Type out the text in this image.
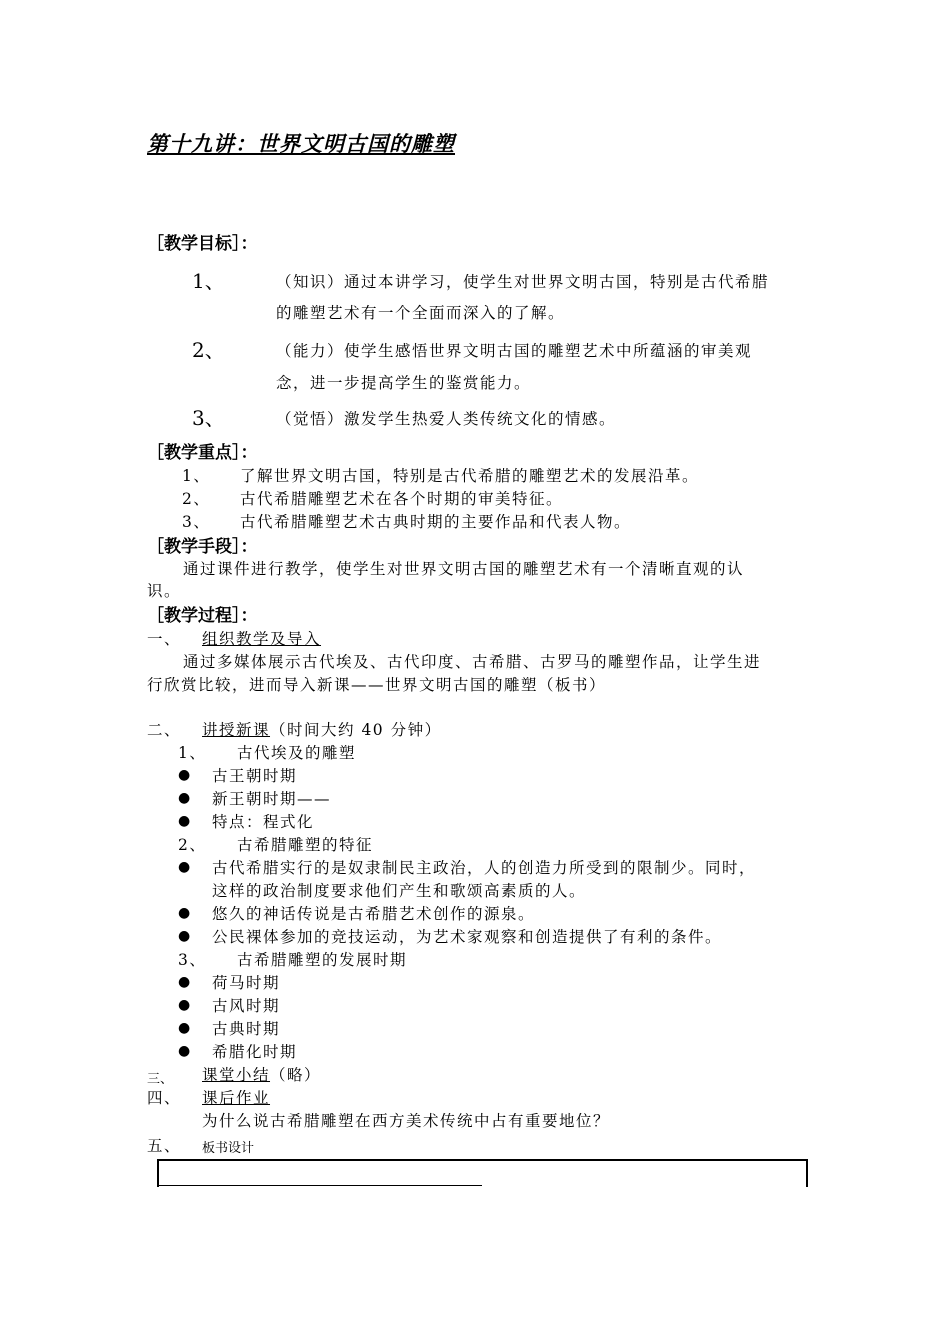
第十九讲：世界文明古国的雕塑
［教学目标］：
1、	（知识）通过本讲学习，使学生对世界文明古国，特别是古代希腊
的雕塑艺术有一个全面而深入的了解。
2、	（能力）使学生感悟世界文明古国的雕塑艺术中所蕴涵的审美观
念，进一步提高学生的鉴赏能力。
3、	（觉悟）激发学生热爱人类传统文化的情感。
［教学重点］：
1、 了解世界文明古国，特别是古代希腊的雕塑艺术的发展沿革。
2、 古代希腊雕塑艺术在各个时期的审美特征。
3、 古代希腊雕塑艺术古典时期的主要作品和代表人物。
［教学手段］：
通过课件进行教学，使学生对世界文明古国的雕塑艺术有一个清晰直观的认
识。
［教学过程］：
一、 组织教学及导入
通过多媒体展示古代埃及、古代印度、古希腊、古罗马的雕塑作品，让学生进
行欣赏比较，进而导入新课——世界文明古国的雕塑（板书）
二、 讲授新课（时间大约 40 分钟）
1、 古代埃及的雕塑
● 古王朝时期
● 新王朝时期——
● 特点：程式化
2、 古希腊雕塑的特征
● 古代希腊实行的是奴隶制民主政治，人的创造力所受到的限制少。同时，
这样的政治制度要求他们产生和歌颂高素质的人。
● 悠久的神话传说是古希腊艺术创作的源泉。
● 公民裸体参加的竞技运动，为艺术家观察和创造提供了有利的条件。
3、 古希腊雕塑的发展时期
● 荷马时期
● 古风时期
● 古典时期
● 希腊化时期
三、 课堂小结（略）
四、 课后作业
为什么说古希腊雕塑在西方美术传统中占有重要地位？
五、 板书设计
